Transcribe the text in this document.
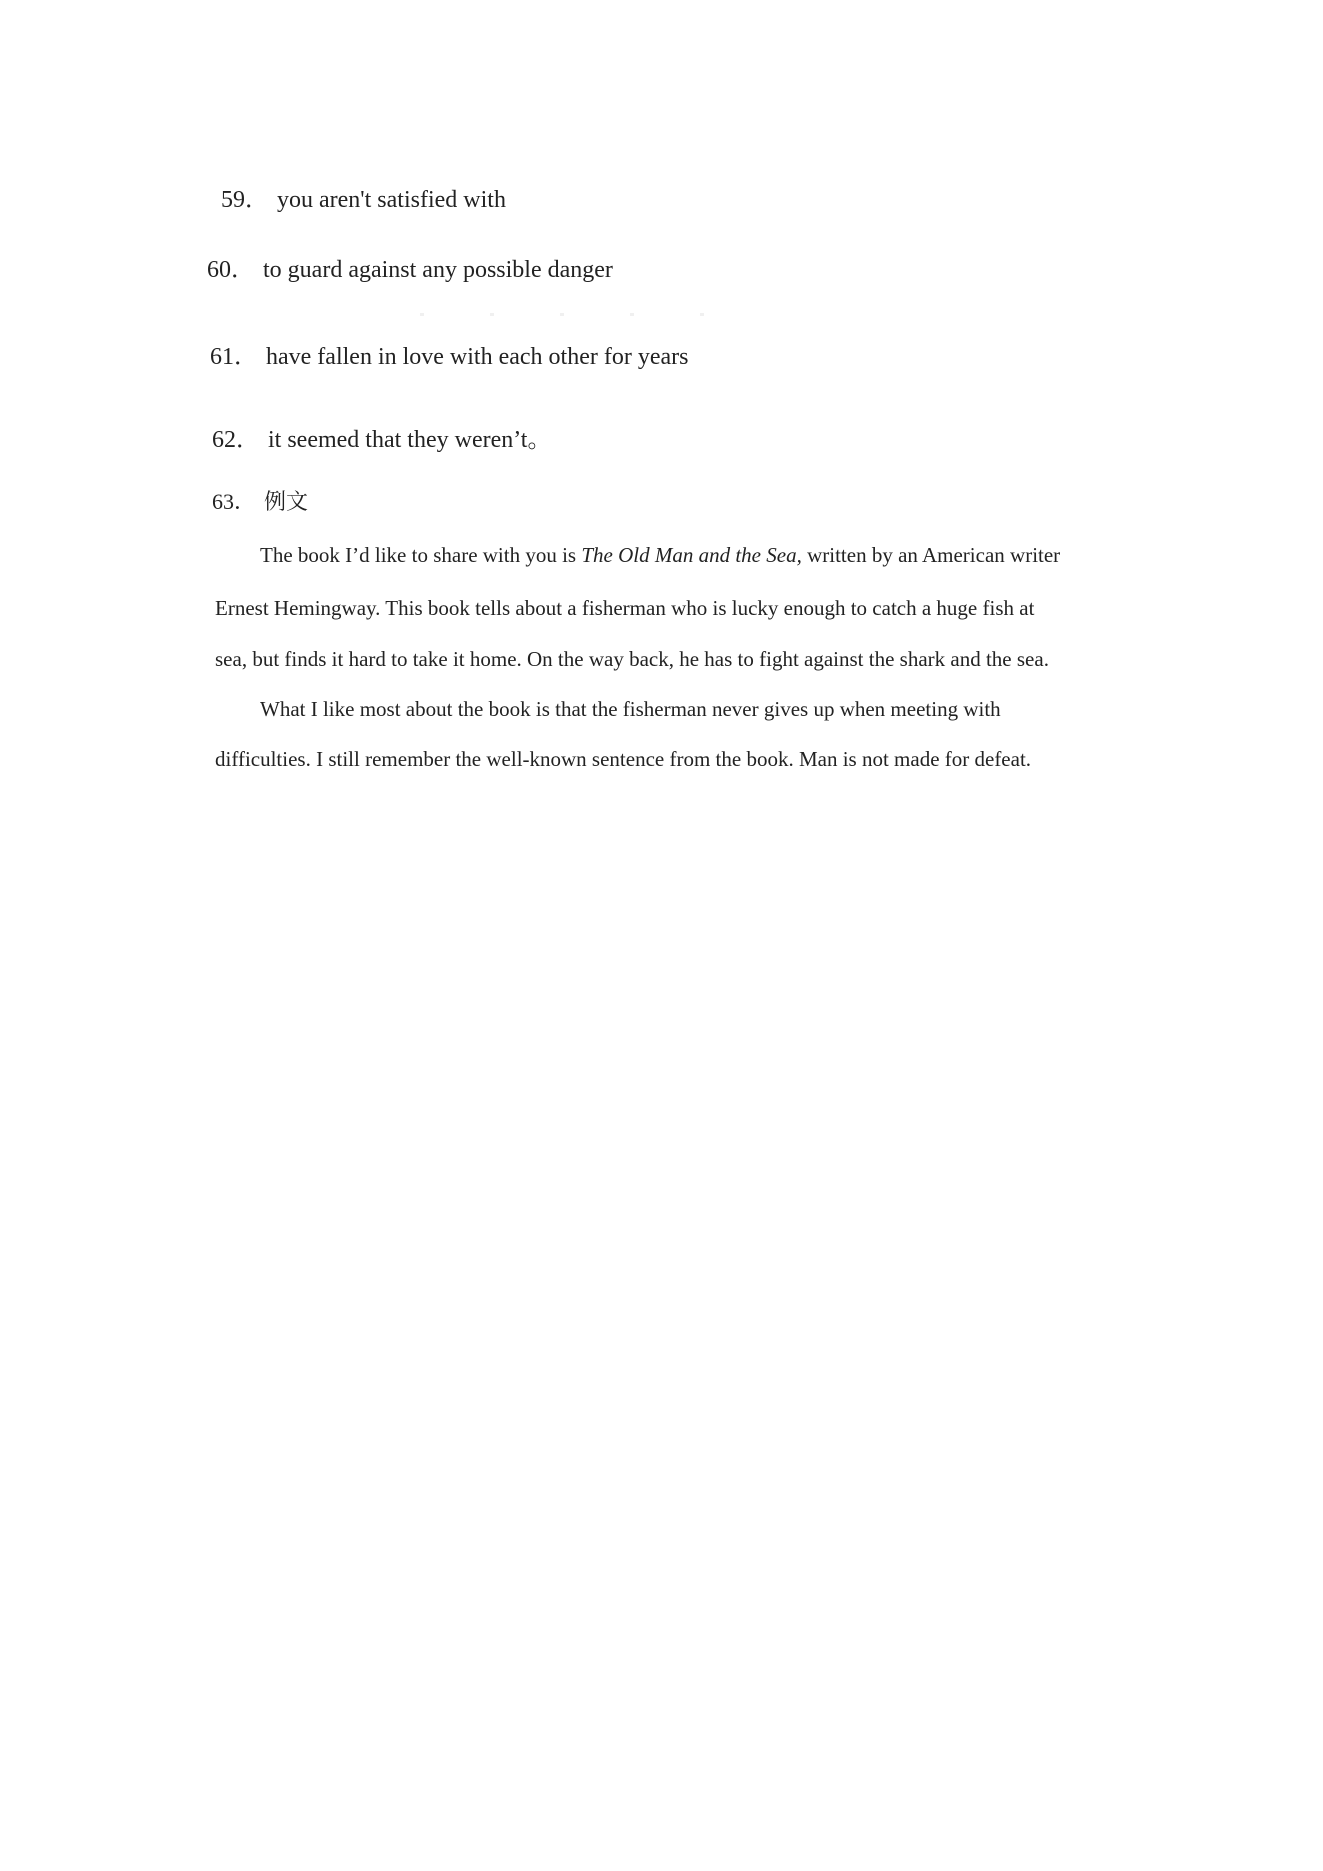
59． you aren't satisfied with
60． to guard against any possible danger
61． have fallen in love with each other for years
62． it seemed that they weren’t。
63． 例文
The book I’d like to share with you is The Old Man and the Sea, written by an American writer
Ernest Hemingway. This book tells about a fisherman who is lucky enough to catch a huge fish at
sea, but finds it hard to take it home. On the way back, he has to fight against the shark and the sea.
What I like most about the book is that the fisherman never gives up when meeting with
difficulties. I still remember the well-known sentence from the book. Man is not made for defeat.
